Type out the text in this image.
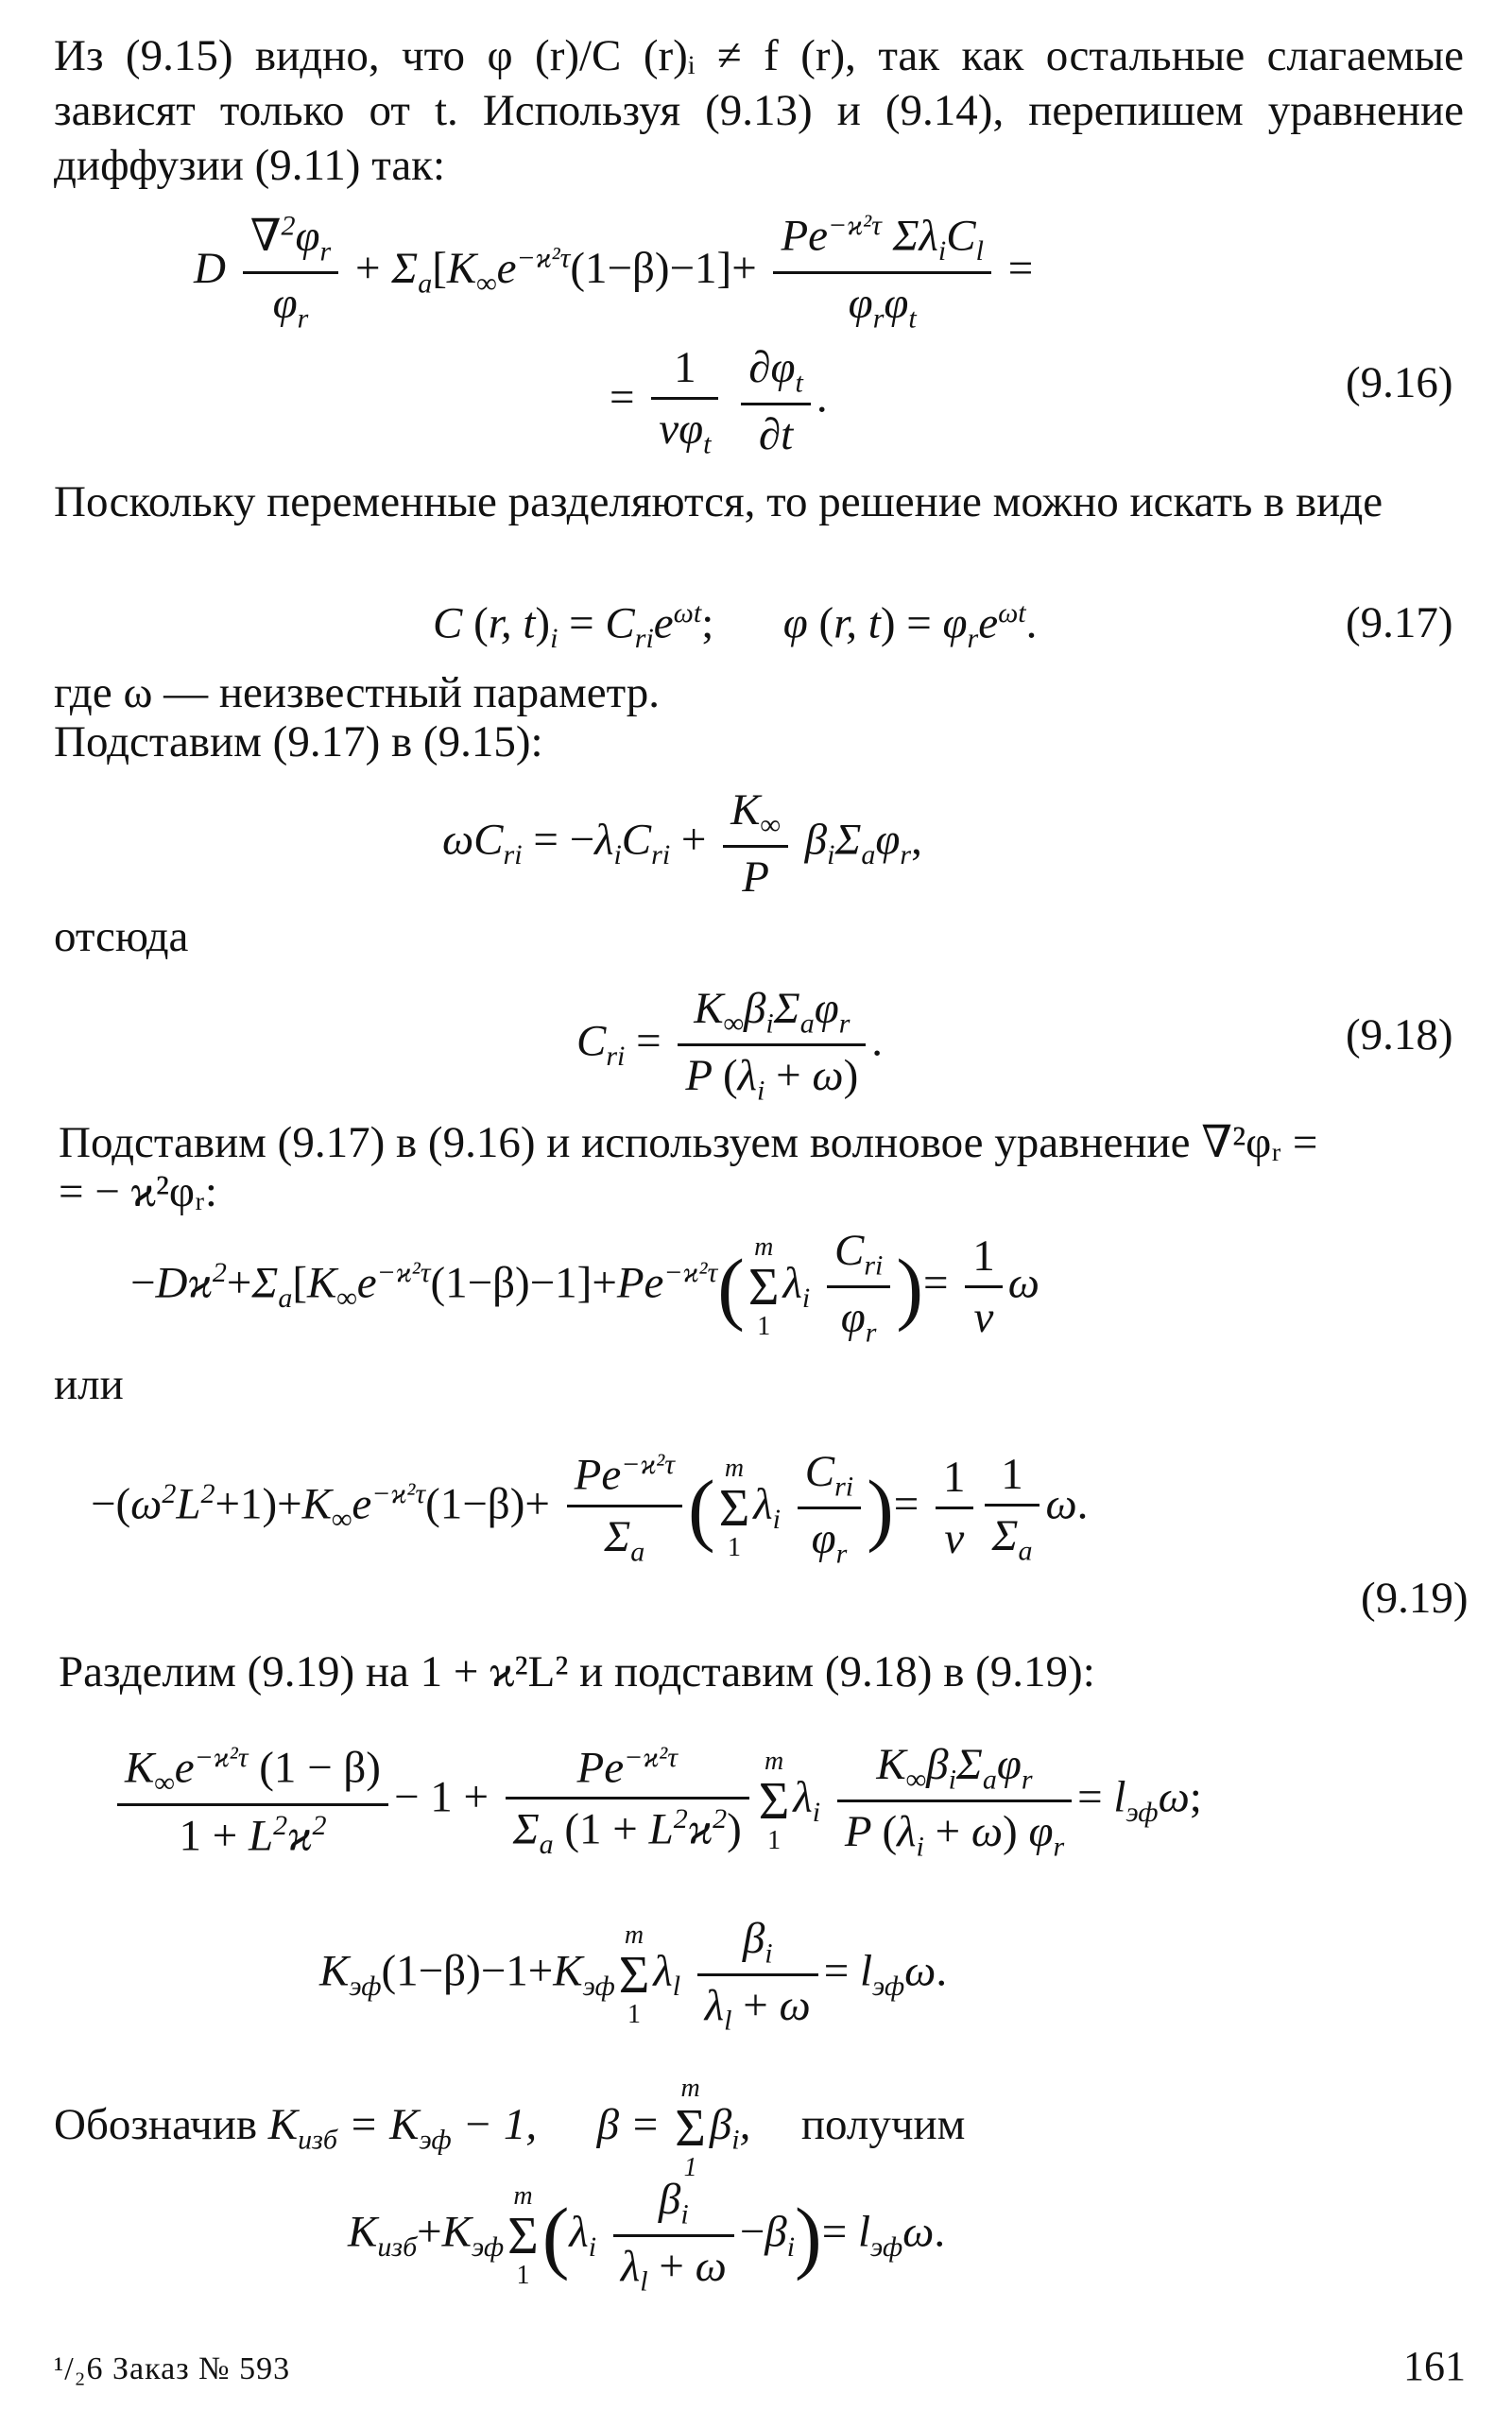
Из (9.15) видно, что φ (r)/C (r)ᵢ ≠ f (r), так как остальные слагаемые зависят только от t. Используя (9.13) и (9.14), перепишем уравнение диффузии (9.11) так:

D $\frac{\nabla^2\varphi_r}{\varphi_r} + \Sigma_a[K_\infty e^{-ϰ^2\tau}(1-\beta)-1]+ \frac{Pe^{-ϰ^2\tau} \Sigma\lambda_iC_l}{\varphi_r\varphi_t}$ =
= $\frac{1}{v\varphi_t}$
$\frac{\partial\varphi_t}{\partial t}$ .	(9.16)

Поскольку переменные разделяются, то решение можно искать в виде

C (r, $t)_i = C_{ri}e^{\omega t}$;  φ (r, $t) = \varphi_re^{\omega t}$.	(9.17)
где ω — неизвестный параметр.
Подставим (9.17) в (9.15):
$\omega C_{ri} = -\lambda_iC_{ri} + \frac{K_\infty}{P} \beta_i\Sigma_a\varphi_r$,
отсюда
$C_{ri} = \frac{K_\infty\beta_i\Sigma_a\varphi_r}{P (\lambda_i + \omega)}$ .	(9.18)
Подставим (9.17) в (9.16) и используем волновое уравнение ∇²φᵣ =
= − ϰ²φᵣ:
$-Dϰ^2+\Sigma_a[K_\infty e^{-ϰ^2\tau}(1-\beta)-1]+Pe^{-ϰ^2\tau}$( m
Σ
1
$\lambda_i \frac{C_{ri}}{\varphi_r}$ )= $\frac{1}{v}$ ω
или
$-(\omega^2L^2+1)+K_\infty e^{-ϰ^2\tau}(1-\beta)+ \frac{Pe^{-ϰ^2\tau}}{\Sigma_a}$ ( m
Σ
1
$\lambda_i \frac{C_{ri}}{\varphi_r}$ )= $\frac{1}{v} \frac{1}{\Sigma_a} \omega$.
(9.19)
Разделим (9.19) на 1 + ϰ²L² и подставим (9.18) в (9.19):
$\frac{K_\infty e^{-ϰ^2\tau} (1 - \beta)}{1 + L^2ϰ^2} - 1 + \frac{Pe^{-ϰ^2\tau}}{\Sigma_a (1 + L^2ϰ^2)}$ m
Σ
1
$\lambda_i \frac{K_\infty\beta_i\Sigma_a\varphi_r}{P (\lambda_i + \omega) \varphi_r} = l_{эф}\omega$;
$K_{эф}(1-\beta)-1+K_{эф}$
m
Σ
1
$\lambda_l \frac{\beta_i}{\lambda_l + \omega} = l_{эф}\omega$.
Обозначив $K_{изб} = K_{эф} - 1$, β =
m
Σ
1
$\beta_i$, получим
$K_{изб}+K_{эф}$
m
Σ
1 $(\lambda_i \frac{\beta_i}{\lambda_l + \omega} -\beta_i)= l_{эф}\omega$.
¹/₂6 Заказ № 593	161
